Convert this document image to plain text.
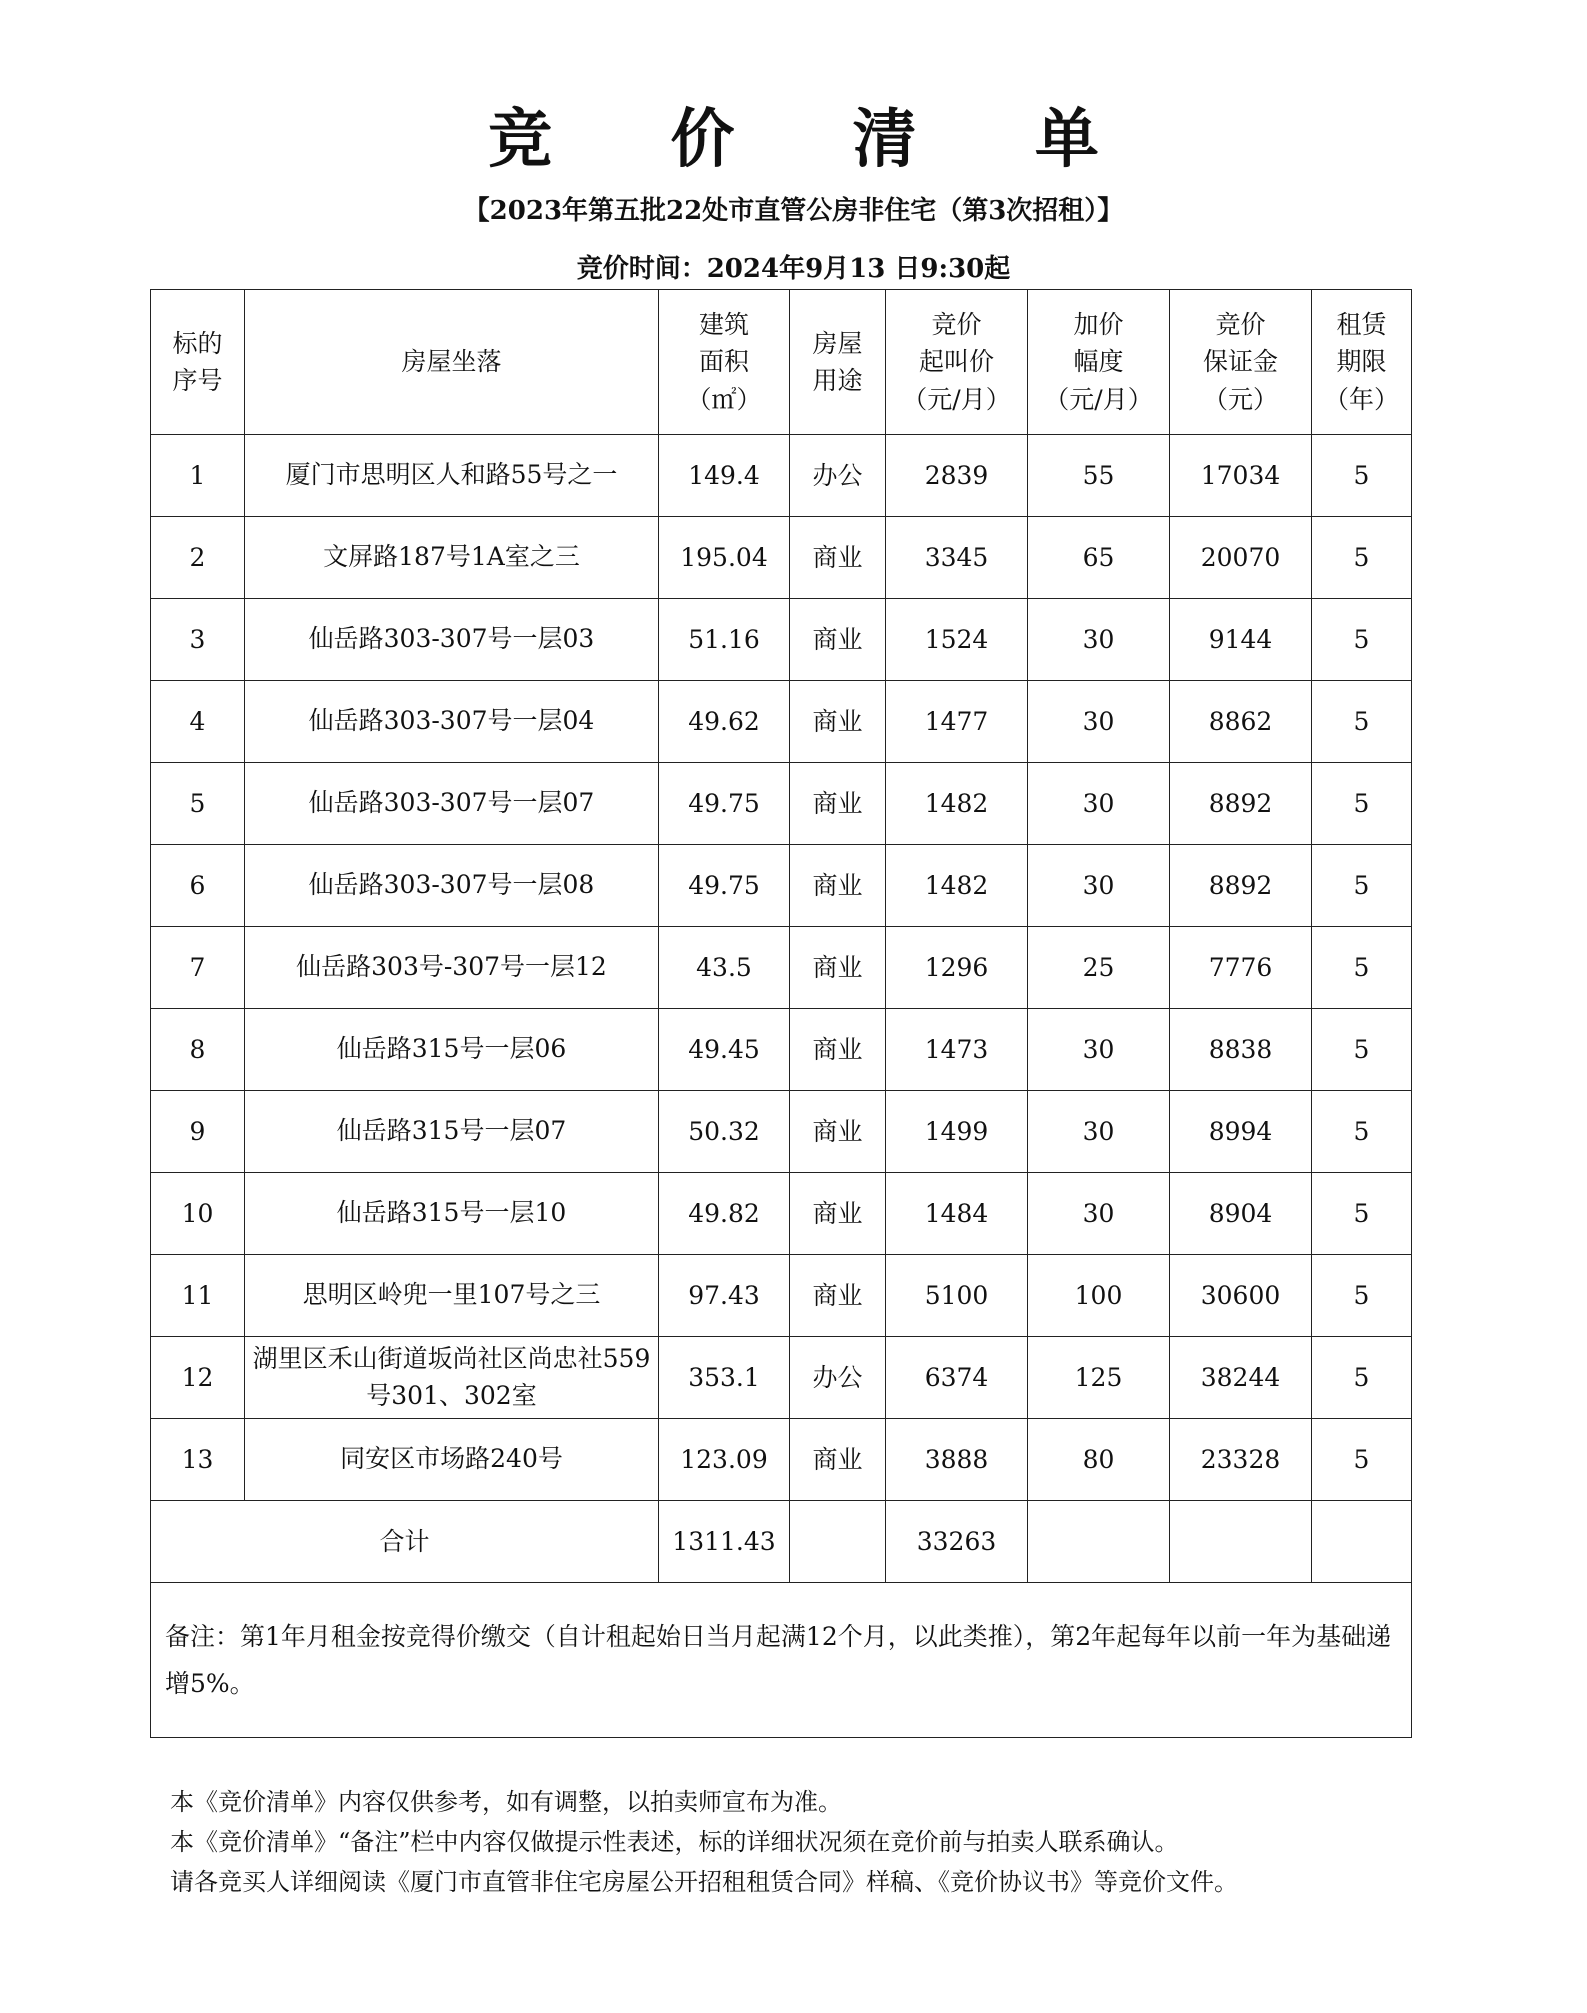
竞 价 清 单
【2023年第五批22处市直管公房非住宅（第3次招租）】
竞价时间：2024年9月13 日9:30起
标的
序号	房屋坐落	建筑
面积
（㎡）	房屋
用途	竞价
起叫价
（元/月）	加价
幅度
（元/月）	竞价
保证金
（元）	租赁
期限
（年）
1	厦门市思明区人和路55号之一	149.4	办公	2839	55	17034	5
2	文屏路187号1A室之三	195.04	商业	3345	65	20070	5
3	仙岳路303-307号一层03	51.16	商业	1524	30	9144	5
4	仙岳路303-307号一层04	49.62	商业	1477	30	8862	5
5	仙岳路303-307号一层07	49.75	商业	1482	30	8892	5
6	仙岳路303-307号一层08	49.75	商业	1482	30	8892	5
7	仙岳路303号-307号一层12	43.5	商业	1296	25	7776	5
8	仙岳路315号一层06	49.45	商业	1473	30	8838	5
9	仙岳路315号一层07	50.32	商业	1499	30	8994	5
10	仙岳路315号一层10	49.82	商业	1484	30	8904	5
11	思明区岭兜一里107号之三	97.43	商业	5100	100	30600	5
12	湖里区禾山街道坂尚社区尚忠社559号301、302室	353.1	办公	6374	125	38244	5
13	同安区市场路240号	123.09	商业	3888	80	23328	5
合计		1311.43		33263			
备注：第1年月租金按竞得价缴交（自计租起始日当月起满12个月，以此类推），第2年起每年以前一年为基础递增5%。							
本《竞价清单》内容仅供参考，如有调整，以拍卖师宣布为准。
本《竞价清单》“备注”栏中内容仅做提示性表述，标的详细状况须在竞价前与拍卖人联系确认。
请各竞买人详细阅读《厦门市直管非住宅房屋公开招租租赁合同》样稿、《竞价协议书》等竞价文件。
